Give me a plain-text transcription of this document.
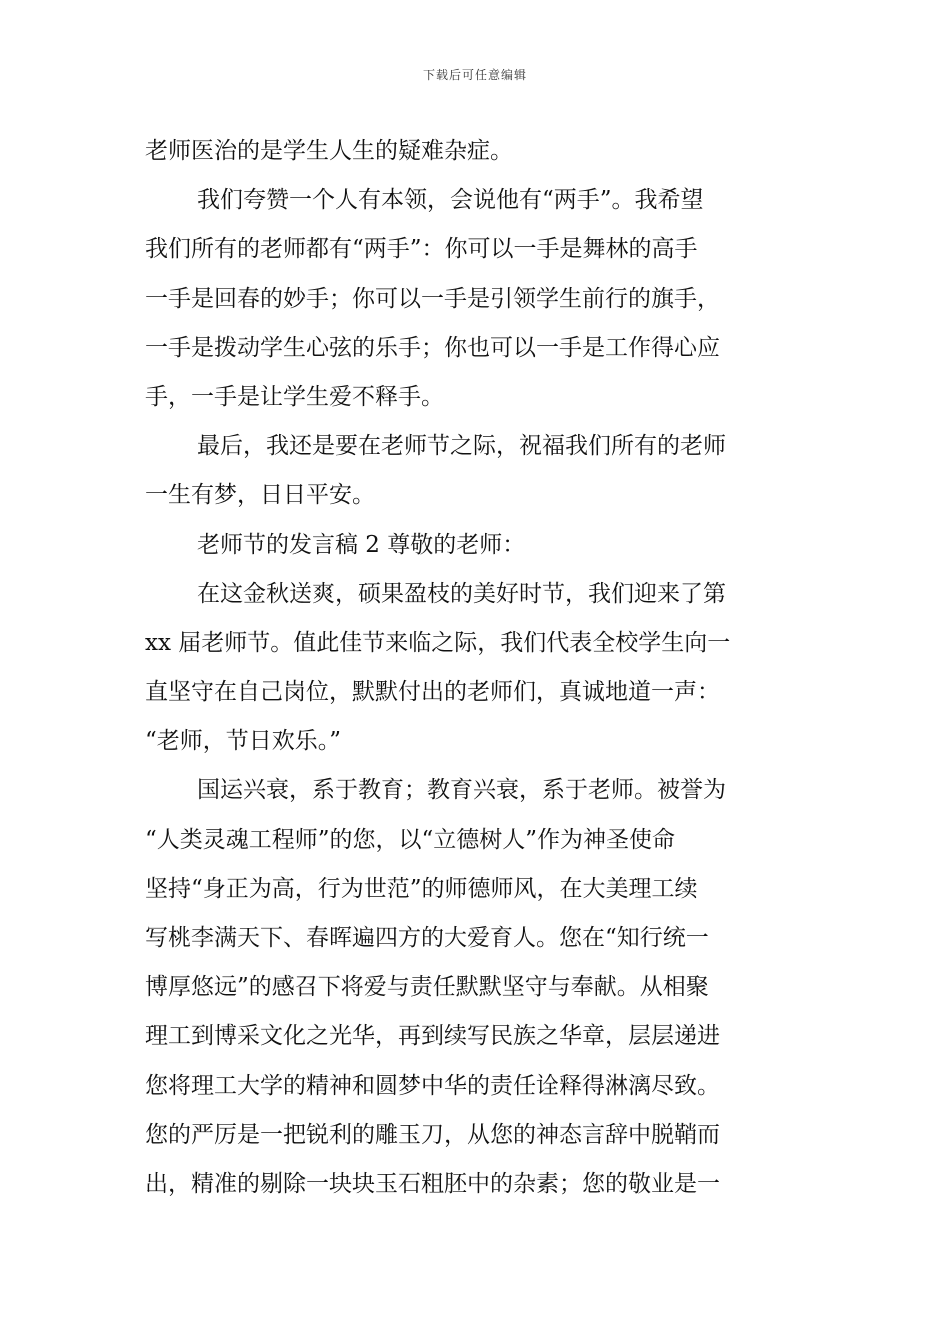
下载后可任意编辑
老师医治的是学生人生的疑难杂症。
我们夸赞一个人有本领，会说他有“两手”。我希望
我们所有的老师都有“两手”：你可以一手是舞林的高手
一手是回春的妙手；你可以一手是引领学生前行的旗手，
一手是拨动学生心弦的乐手；你也可以一手是工作得心应
手，一手是让学生爱不释手。
最后，我还是要在老师节之际，祝福我们所有的老师
一生有梦，日日平安。
老师节的发言稿 2 尊敬的老师：
在这金秋送爽，硕果盈枝的美好时节，我们迎来了第
xx 届老师节。值此佳节来临之际，我们代表全校学生向一
直坚守在自己岗位，默默付出的老师们，真诚地道一声：
“老师，节日欢乐。”
国运兴衰，系于教育；教育兴衰，系于老师。被誉为
“人类灵魂工程师”的您，以“立德树人”作为神圣使命
坚持“身正为高，行为世范”的师德师风，在大美理工续
写桃李满天下、春晖遍四方的大爱育人。您在“知行统一
博厚悠远”的感召下将爱与责任默默坚守与奉献。从相聚
理工到博采文化之光华，再到续写民族之华章，层层递进
您将理工大学的精神和圆梦中华的责任诠释得淋漓尽致。
您的严厉是一把锐利的雕玉刀，从您的神态言辞中脱鞘而
出，精准的剔除一块块玉石粗胚中的杂素；您的敬业是一
